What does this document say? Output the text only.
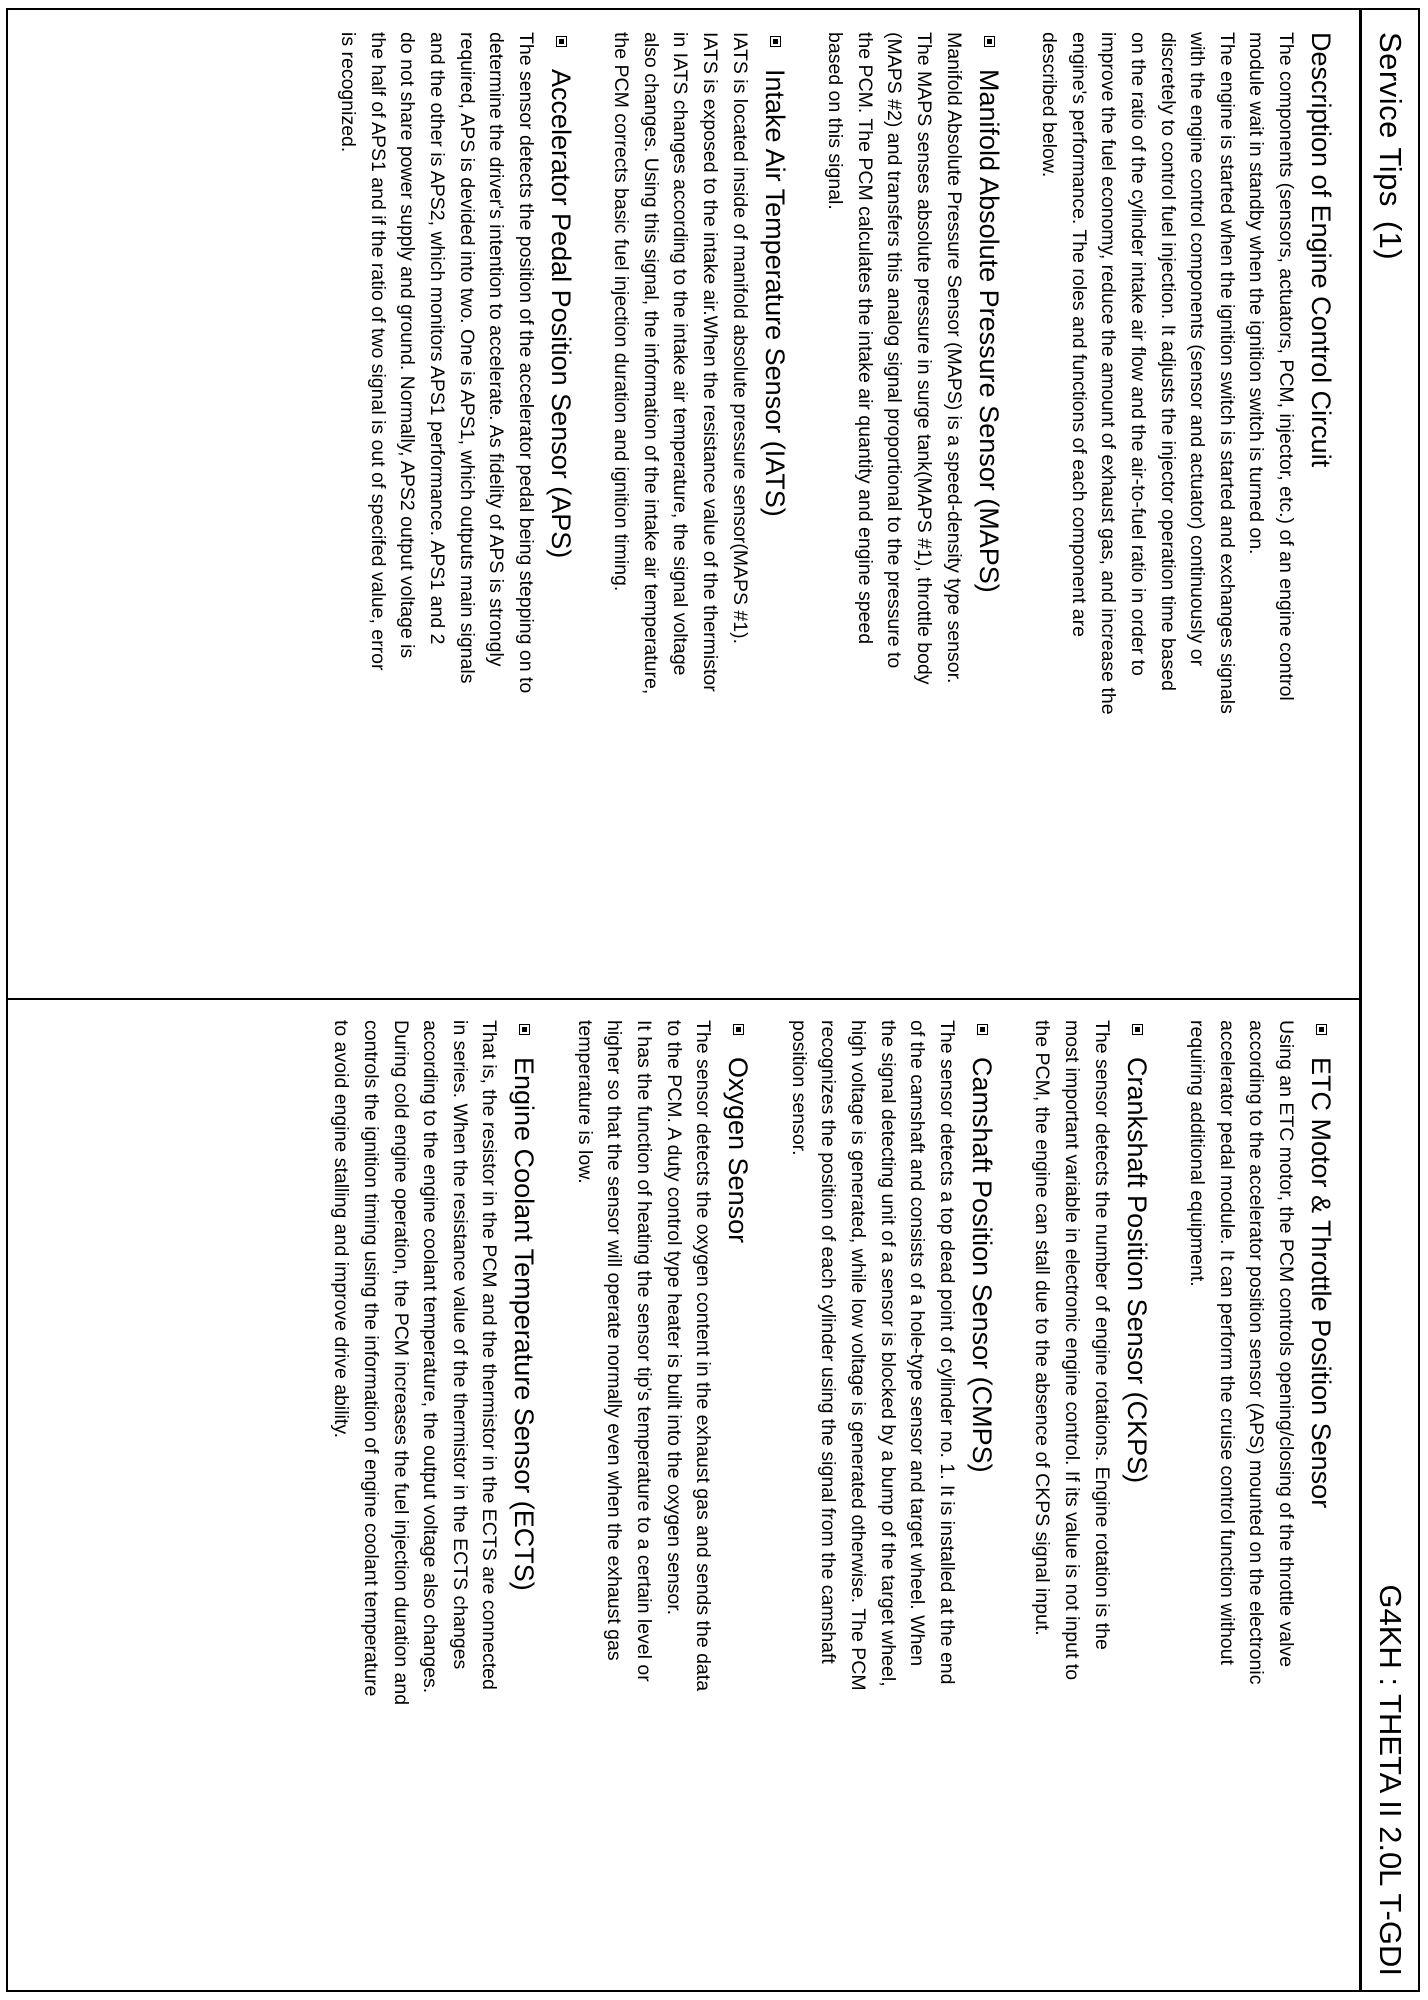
Service Tips(1)
G4KH : THETA II 2.0L T-GDI
Description of Engine Control Circuit
The components (sensors, actuators, PCM, injector, etc.) of an engine control
module wait in standby when the ignition switch is turned on.
The engine is started when the ignition switch is started and exchanges signals
with the engine control components (sensor and actuator) continuously or
discretely to control fuel injection. It adjusts the injector operation time based
on the ratio of the cylinder intake air flow and the air-to-fuel ratio in order to
improve the fuel economy, reduce the amount of exhaust gas, and increase the
engine's performance. The roles and functions of each component are
described below.
Manifold Absolute Pressure Sensor (MAPS)
Manifold Absolute Pressure Sensor (MAPS) is a speed-density type sensor.
The MAPS senses absolute pressure in surge tank(MAPS #1), throttle body
(MAPS #2) and transfers this analog signal proportional to the pressure to
the PCM. The PCM calculates the intake air quantity and engine speed
based on this signal.
Intake Air Temperature Sensor (IATS)
IATS is located inside of manifold absolute pressure sensor(MAPS #1).
IATS is exposed to the intake air.When the resistance value of the thermistor
in IATS changes according to the intake air temperature, the signal voltage
also changes. Using this signal, the information of the intake air temperature,
the PCM corrects basic fuel injection duration and ignition timing.
Accelerator Pedal Position Sensor (APS)
The sensor detects the position of the accelerator pedal being stepping on to
determine the driver's intention to accelerate. As fidelity of APS is strongly
required, APS is devided into two. One is APS1, which outputs main signals
and the other is APS2, which monitors APS1 performance. APS1 and 2
do not share power supply and ground. Normally, APS2 output voltage is
the half of APS1 and if the ratio of two signal is out of specifed value, error
is recognized.
ETC Motor & Throttle Position Sensor
Using an ETC motor, the PCM controls opening/closing of the throttle valve
according to the accelerator position sensor (APS) mounted on the electronic
accelerator pedal module. It can perform the cruise control function without
requiring additional equipment.
Crankshaft Position Sensor (CKPS)
The sensor detects the number of engine rotations. Engine rotation is the
most important variable in electronic engine control. If its value is not input to
the PCM, the engine can stall due to the absence of CKPS signal input.
Camshaft Position Sensor (CMPS)
The sensor detects a top dead point of cylinder no. 1. It is installed at the end
of the camshaft and consists of a hole-type sensor and target wheel. When
the signal detecting unit of a sensor is blocked by a bump of the target wheel,
high voltage is generated, while low voltage is generated otherwise. The PCM
recognizes the position of each cylinder using the signal from the camshaft
position sensor.
Oxygen Sensor
The sensor detects the oxygen content in the exhaust gas and sends the data
to the PCM. A duty control type heater is built into the oxygen sensor.
It has the function of heating the sensor tip's temperature to a certain level or
higher so that the sensor will operate normally even when the exhaust gas
temperature is low.
Engine Coolant Temperature Sensor (ECTS)
That is, the resistor in the PCM and the thermistor in the ECTS are connected
in series. When the resistance value of the thermistor in the ECTS changes
according to the engine coolant temperature, the output voltage also changes.
During cold engine operation, the PCM increases the fuel injection duration and
controls the ignition timing using the information of engine coolant temperature
to avoid engine stalling and improve drive ability.
